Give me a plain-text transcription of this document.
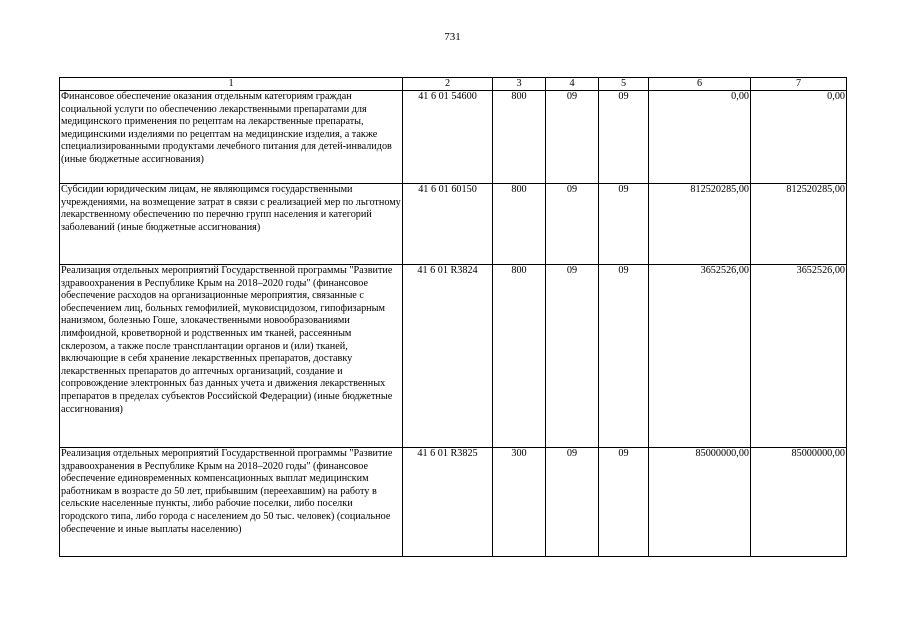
731
1	2	3	4	5	6	7
Финансовое обеспечение оказания отдельным категориям граждан социальной услуги по обеспечению лекарственными препаратами для медицинского применения по рецептам на лекарственные препараты, медицинскими изделиями по рецептам на медицинские изделия, а также специализированными продуктами лечебного питания для детей-инвалидов (иные бюджетные ассигнования)	41 6 01 54600	800	09	09	0,00	0,00
Субсидии юридическим лицам, не являющимся государственными учреждениями, на возмещение затрат в связи с реализацией мер по льготному лекарственному обеспечению по перечню групп населения и категорий заболеваний (иные бюджетные ассигнования)	41 6 01 60150	800	09	09	812520285,00	812520285,00
Реализация отдельных мероприятий Государственной программы "Развитие здравоохранения в Республике Крым на 2018–2020 годы" (финансовое обеспечение расходов на организационные мероприятия, связанные с обеспечением лиц, больных гемофилией, муковисцидозом, гипофизарным нанизмом, болезнью Гоше, злокачественными новообразованиями лимфоидной, кроветворной и родственных им тканей, рассеянным склерозом, а также после трансплантации органов и (или) тканей, включающие в себя хранение лекарственных препаратов, доставку лекарственных препаратов до аптечных организаций, создание и сопровождение электронных баз данных учета и движения лекарственных препаратов в пределах субъектов Российской Федерации) (иные бюджетные ассигнования)	41 6 01 R3824	800	09	09	3652526,00	3652526,00
Реализация отдельных мероприятий Государственной программы "Развитие здравоохранения в Республике Крым на 2018–2020 годы" (финансовое обеспечение единовременных компенсационных выплат медицинским работникам в возрасте до 50 лет, прибывшим (переехавшим) на работу в сельские населенные пункты, либо рабочие поселки, либо поселки городского типа, либо города с населением до 50 тыс. человек) (социальное обеспечение и иные выплаты населению)	41 6 01 R3825	300	09	09	85000000,00	85000000,00
